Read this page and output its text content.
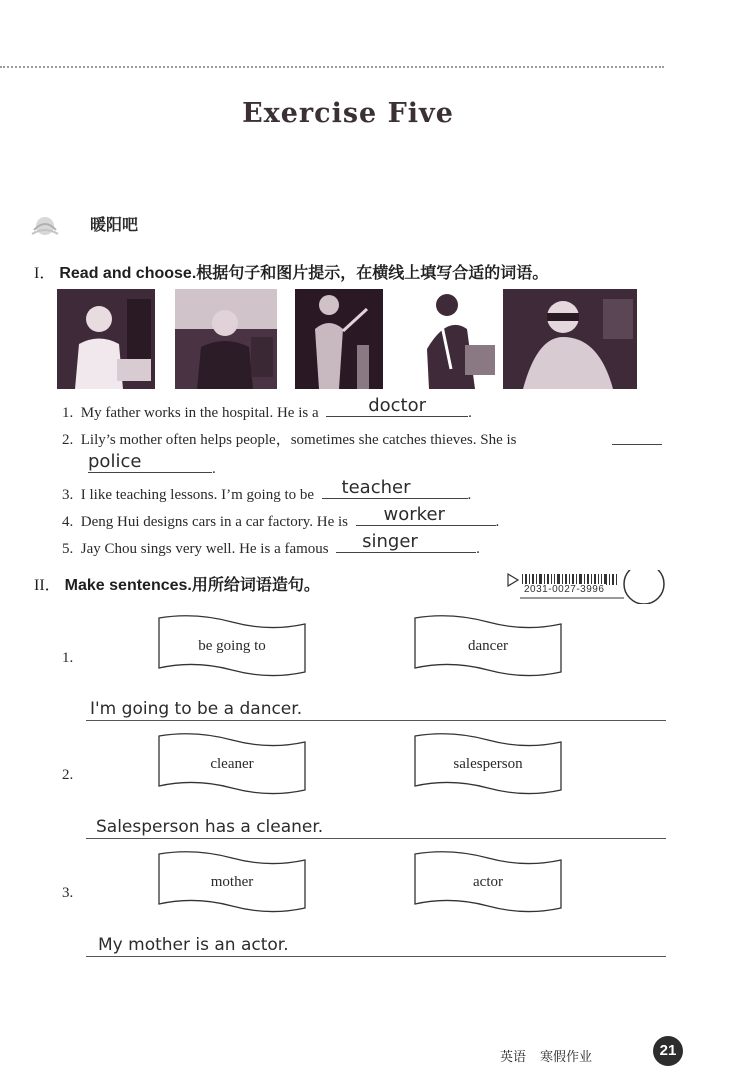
Exercise Five
暖阳吧
I． Read and choose.根据句子和图片提示，在横线上填写合适的词语。
1. My father works in the hospital. He is a	doctor	.
2. Lily’s mother often helps people，sometimes she catches thieves. She is
police	.
3. I like teaching lessons. I’m going to be teacher	.
4. Deng Hui designs cars in a car factory. He is worker	.
5. Jay Chou sings very well. He is a famous singer	.
II． Make sentences.用所给词语造句。	2031-0027-3996
1.
be going to	dancer
I'm going to be a dancer.
2.
cleaner	salesperson
Salesperson has a cleaner.
3.
mother	actor
My mother is an actor.
英语 寒假作业	21
